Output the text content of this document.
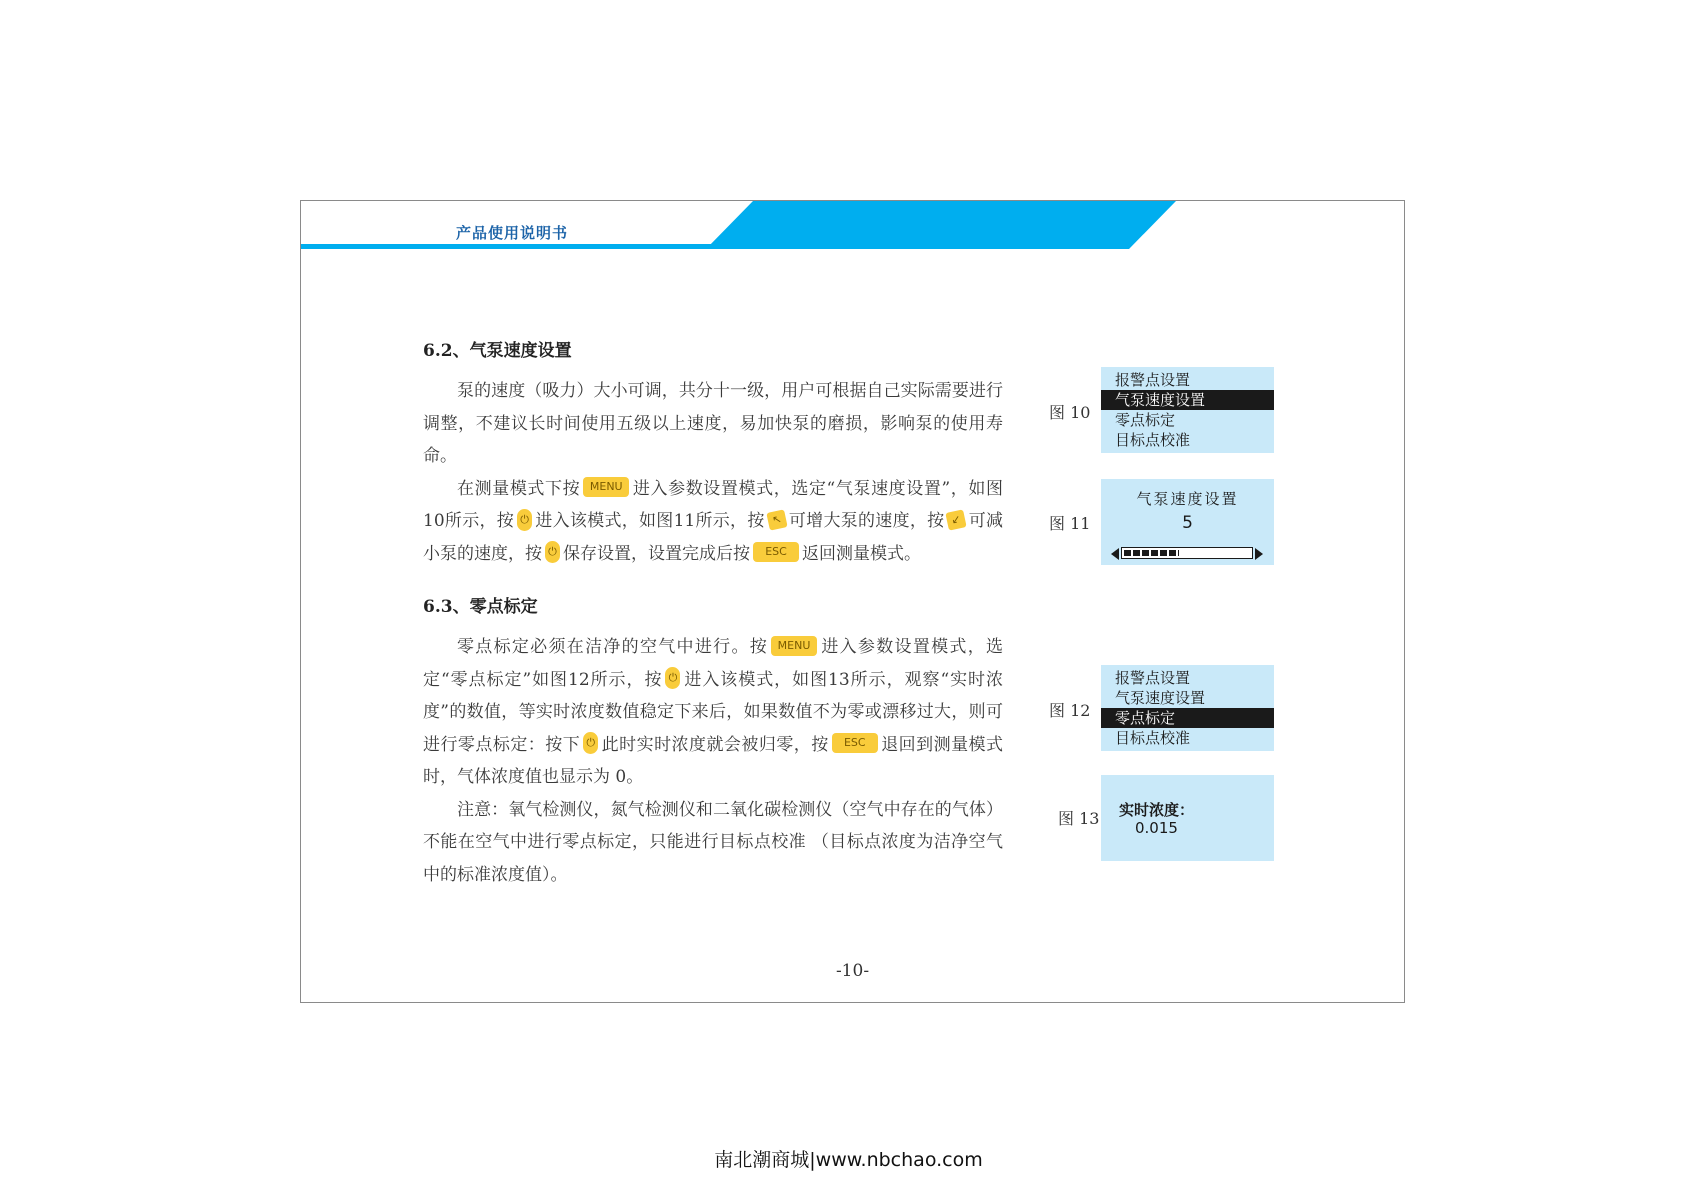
产品使用说明书
6.2、气泵速度设置

泵的速度（吸力）大小可调，共分十一级，用户可根据自己实际需要进行调整，不建议长时间使用五级以上速度，易加快泵的磨损，影响泵的使用寿命。

在测量模式下按 MENU 进入参数设置模式，选定“气泵速度设置”，如图10所示，按 ⏻ 进入该模式，如图11所示，按 ↖ 可增大泵的速度，按 ↙ 可减小泵的速度，按 ⏻ 保存设置，设置完成后按 ESC 返回测量模式。

6.3、零点标定

零点标定必须在洁净的空气中进行。按 MENU 进入参数设置模式，选定“零点标定”如图12所示，按 ⏻ 进入该模式，如图13所示，观察“实时浓度”的数值，等实时浓度数值稳定下来后，如果数值不为零或漂移过大，则可进行零点标定：按下 ⏻ 此时实时浓度就会被归零，按 ESC 退回到测量模式时，气体浓度值也显示为 0。

注意：氧气检测仪，氮气检测仪和二氧化碳检测仪（空气中存在的气体）不能在空气中进行零点标定，只能进行目标点校准 （目标点浓度为洁净空气中的标准浓度值）。

图 10
报警点设置
气泵速度设置
零点标定
目标点校准
图 11
气泵速度设置
5
图 12
报警点设置
气泵速度设置
零点标定
目标点校准
图 13 实时浓度：
0.015
-10-
南北潮商城|www.nbchao.com
